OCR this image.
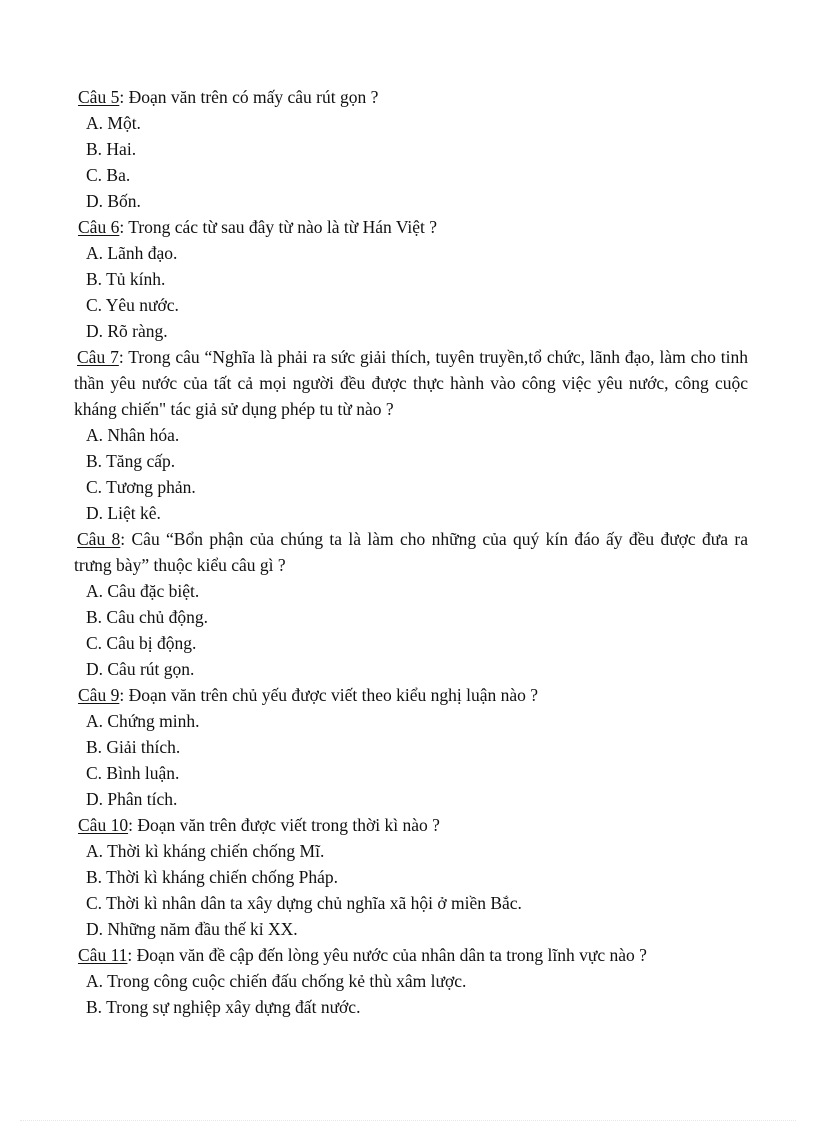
Câu 5: Đoạn văn trên có mấy câu rút gọn ?
A. Một.
B. Hai.
C. Ba.
D. Bốn.
Câu 6: Trong các từ sau đây từ nào là từ Hán Việt ?
A. Lãnh đạo.
B. Tủ kính.
C. Yêu nước.
D. Rõ ràng.
Câu 7: Trong câu “Nghĩa là phải ra sức giải thích, tuyên truyền,tổ chức, lãnh đạo, làm cho tinh thần yêu nước của tất cả mọi người đều được thực hành vào công việc yêu nước, công cuộc kháng chiến" tác giả sử dụng phép tu từ nào ?
A. Nhân hóa.
B. Tăng cấp.
C. Tương phản.
D. Liệt kê.
Câu 8: Câu “Bổn phận của chúng ta là làm cho những của quý kín đáo ấy đều được đưa ra trưng bày” thuộc kiểu câu gì ?
A. Câu đặc biệt.
B. Câu chủ động.
C. Câu bị động.
D. Câu rút gọn.
Câu 9: Đoạn văn trên chủ yếu được viết theo kiểu nghị luận nào ?
A. Chứng minh.
B. Giải thích.
C. Bình luận.
D. Phân tích.
Câu 10: Đoạn văn trên được viết trong thời kì nào ?
A. Thời kì kháng chiến chống Mĩ.
B. Thời kì kháng chiến chống Pháp.
C. Thời kì nhân dân ta xây dựng chủ nghĩa xã hội ở miền Bắc.
D. Những năm đầu thế kỉ XX.
Câu 11: Đoạn văn đề cập đến lòng yêu nước của nhân dân ta trong lĩnh vực nào ?
A. Trong công cuộc chiến đấu chống kẻ thù xâm lược.
B. Trong sự nghiệp xây dựng đất nước.
